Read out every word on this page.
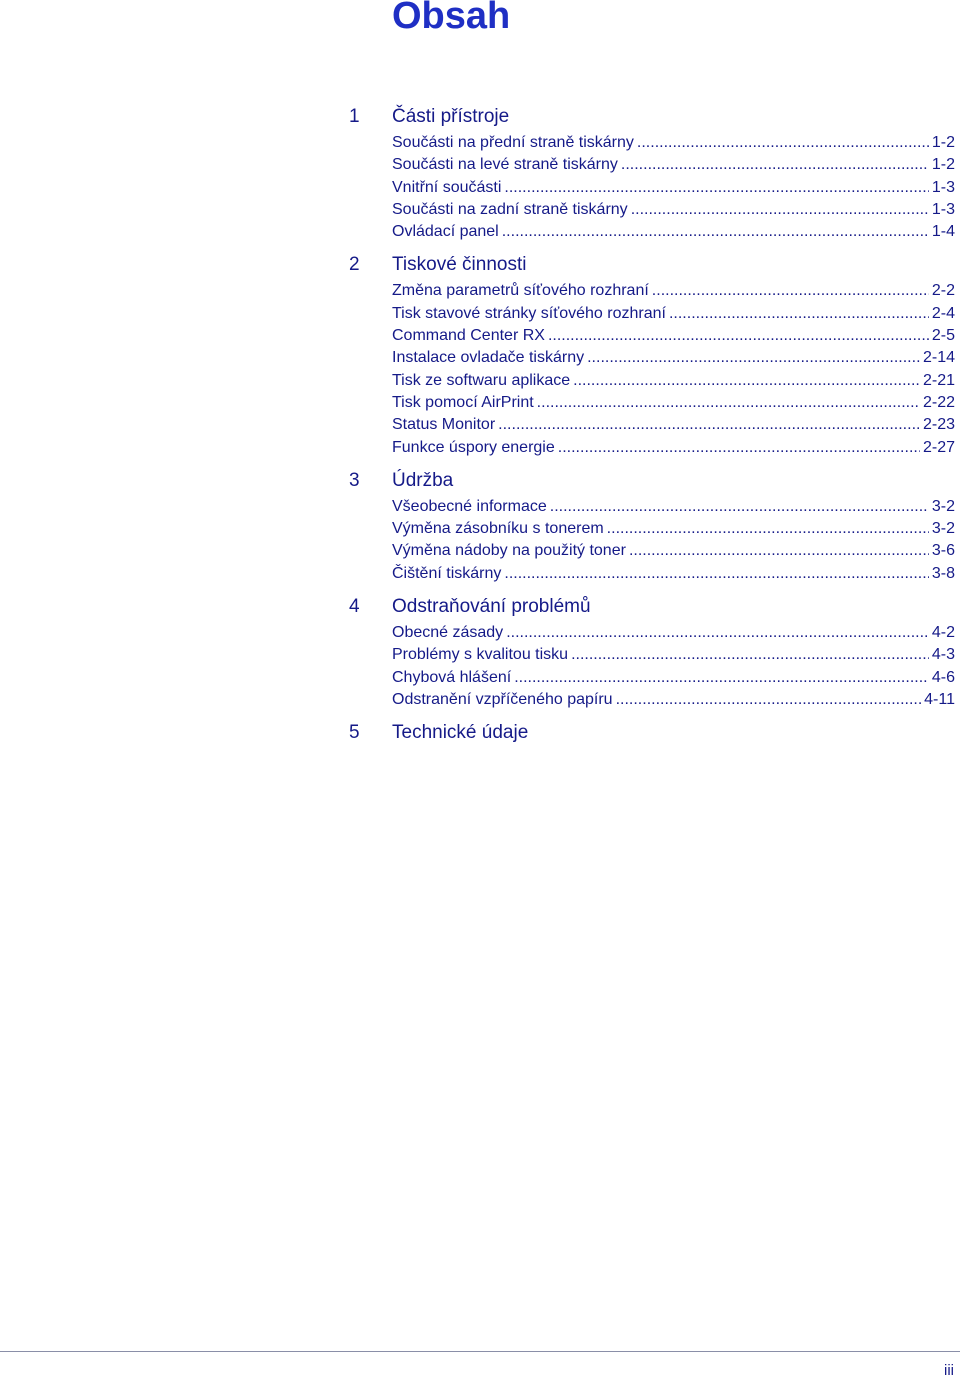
Obsah
1	Části přístroje
Součásti na přední straně tiskárny .....	1-2
Součásti na levé straně tiskárny .....	1-2
Vnitřní součásti .....	1-3
Součásti na zadní straně tiskárny .....	1-3
Ovládací panel .....	1-4
2	Tiskové činnosti
Změna parametrů síťového rozhraní .....	2-2
Tisk stavové stránky síťového rozhraní .....	2-4
Command Center RX .....	2-5
Instalace ovladače tiskárny .....	2-14
Tisk ze softwaru aplikace .....	2-21
Tisk pomocí AirPrint .....	2-22
Status Monitor .....	2-23
Funkce úspory energie .....	2-27
3	Údržba
Všeobecné informace .....	3-2
Výměna zásobníku s tonerem .....	3-2
Výměna nádoby na použitý toner .....	3-6
Čištění tiskárny .....	3-8
4	Odstraňování problémů
Obecné zásady .....	4-2
Problémy s kvalitou tisku .....	4-3
Chybová hlášení .....	4-6
Odstranění vzpříčeného papíru .....	4-11
5	Technické údaje
iii
